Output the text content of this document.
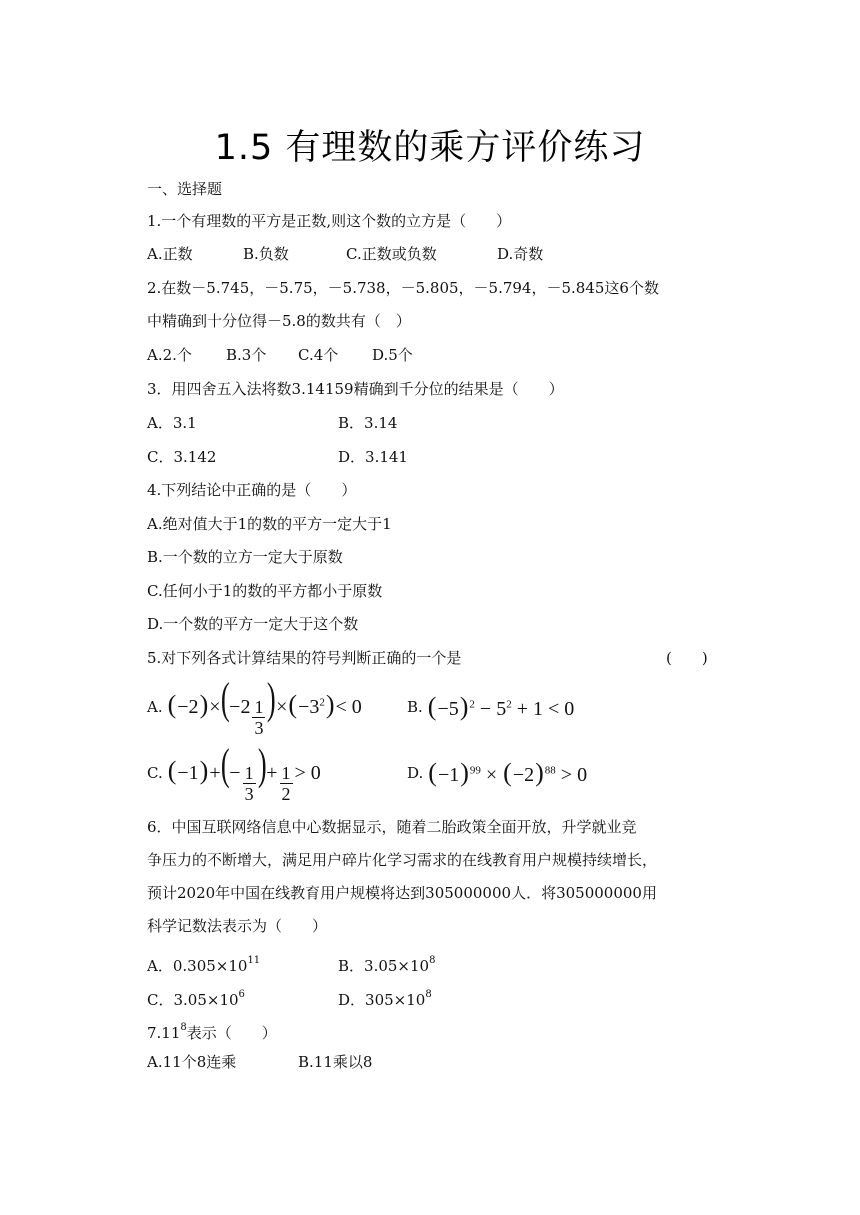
1.5 有理数的乘方评价练习
一、选择题
1.一个有理数的平方是正数,则这个数的立方是（　　）
A.正数	B.负数	C.正数或负数	D.奇数
2.在数－5.745，－5.75，－5.738，－5.805，－5.794，－5.845这6个数
中精确到十分位得－5.8的数共有（　）
A.2.个 B.3个 C.4个 D.5个
3．用四舍五入法将数3.14159精确到千分位的结果是（　　）
A．3.1	B．3.14
C．3.142	D．3.141
4.下列结论中正确的是（　　）
A.绝对值大于1的数的平方一定大于1
B.一个数的立方一定大于原数
C.任何小于1的数的平方都小于原数
D.一个数的平方一定大于这个数
5.对下列各式计算结果的符号判断正确的一个是	(　　)
A. $(-2)\times(-2 \frac{1}{3} )\times(-3^2)< 0$	B. $(-5)^2 - 5^2 + 1 < 0$
C. $(-1)+(- \frac{1}{3}$ )+ $\frac{1}{2} > 0$	D. $(-1)^{99} \times (-2)^{88} > 0$
6．中国互联网络信息中心数据显示，随着二胎政策全面开放，升学就业竞
争压力的不断增大，满足用户碎片化学习需求的在线教育用户规模持续增长，
预计2020年中国在线教育用户规模将达到305000000人．将305000000用
科学记数法表示为（　　）
A．$0.305\times 10^{11}$	B．$3.05\times 10^8$
C．$3.05\times 10^6$	D．$305\times 10^8$
7.11$^8$表示（　　）
A.11个8连乘	B.11乘以8
